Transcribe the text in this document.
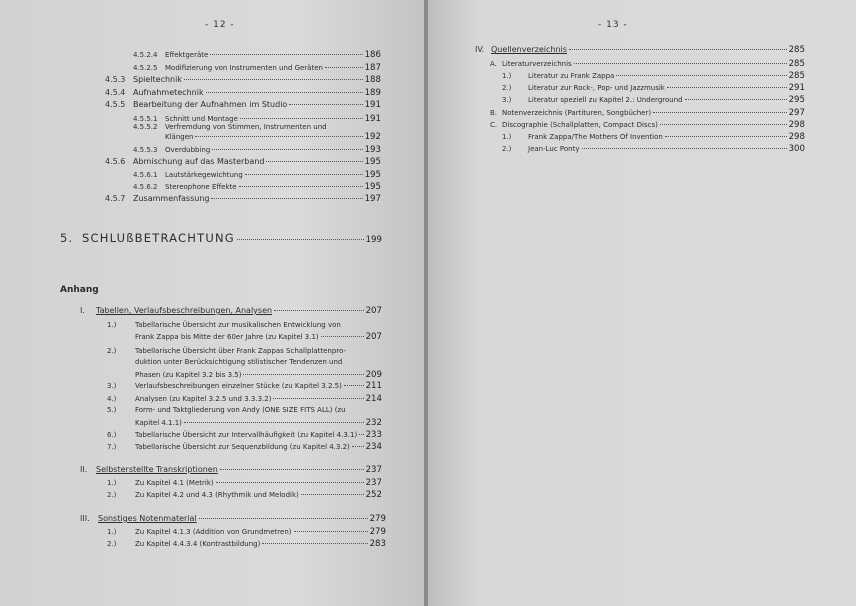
- 12 -
4.5.2.4	Effektgeräte	186
4.5.2.5	Modifizierung von Instrumenten und Geräten	187
4.5.3 Spieltechnik	188
4.5.4 Aufnahmetechnik	189
4.5.5 Bearbeitung der Aufnahmen im Studio	191
4.5.5.1	Schnitt und Montage	191
4.5.5.2 Verfremdung von Stimmen, Instrumenten und
Klängen	192
4.5.5.3	Overdubbing	193
4.5.6 Abmischung auf das Masterband	195
4.5.6.1	Lautstärkegewichtung	195
4.5.6.2	Stereophone Effekte	195
4.5.7 Zusammenfassung	197
5. SCHLUßBETRACHTUNG	199
Anhang
I.	Tabellen, Verlaufsbeschreibungen, Analysen	207
1.)	Tabellarische Übersicht zur musikalischen Entwicklung von
Frank Zappa bis Mitte der 60er Jahre (zu Kapitel 3.1)	207
2.)	Tabellarische Übersicht über Frank Zappas Schallplattenpro-
duktion unter Berücksichtigung stilistischer Tendenzen und
Phasen (zu Kapitel 3.2 bis 3.5)	209
3.)	Verlaufsbeschreibungen einzelner Stücke (zu Kapitel 3.2.5)	211
4.)	Analysen (zu Kapitel 3.2.5 und 3.3.3.2)	214
5.)	Form- und Taktgliederung von Andy (ONE SIZE FITS ALL) (zu
Kapitel 4.1.1)	232
6.)	Tabellarische Übersicht zur Intervallhäufigkeit (zu Kapitel 4.3.1) 233
7.)	Tabellarische Übersicht zur Sequenzbildung (zu Kapitel 4.3.2) 234
II.	Selbsterstellte Transkriptionen	237
1.)	Zu Kapitel 4.1 (Metrik)	237
2.)	Zu Kapitel 4.2 und 4.3 (Rhythmik und Melodik)	252
III.	Sonstiges Notenmaterial	279
1.)	Zu Kapitel 4.1.3 (Addition von Grundmetren)	279
2.)	Zu Kapitel 4.4.3.4 (Kontrastbildung)	283
- 13 -
IV. Quellenverzeichnis	285
A. Literaturverzeichnis	285
1.)	Literatur zu Frank Zappa	285
2.)	Literatur zur Rock-, Pop- und Jazzmusik	291
3.)	Literatur speziell zu Kapitel 2.: Underground	295
B. Notenverzeichnis (Partituren, Songbücher)	297
C. Discographie (Schallplatten, Compact Discs)	298
1.)	Frank Zappa/The Mothers Of Invention	298
2.)	Jean-Luc Ponty	300
